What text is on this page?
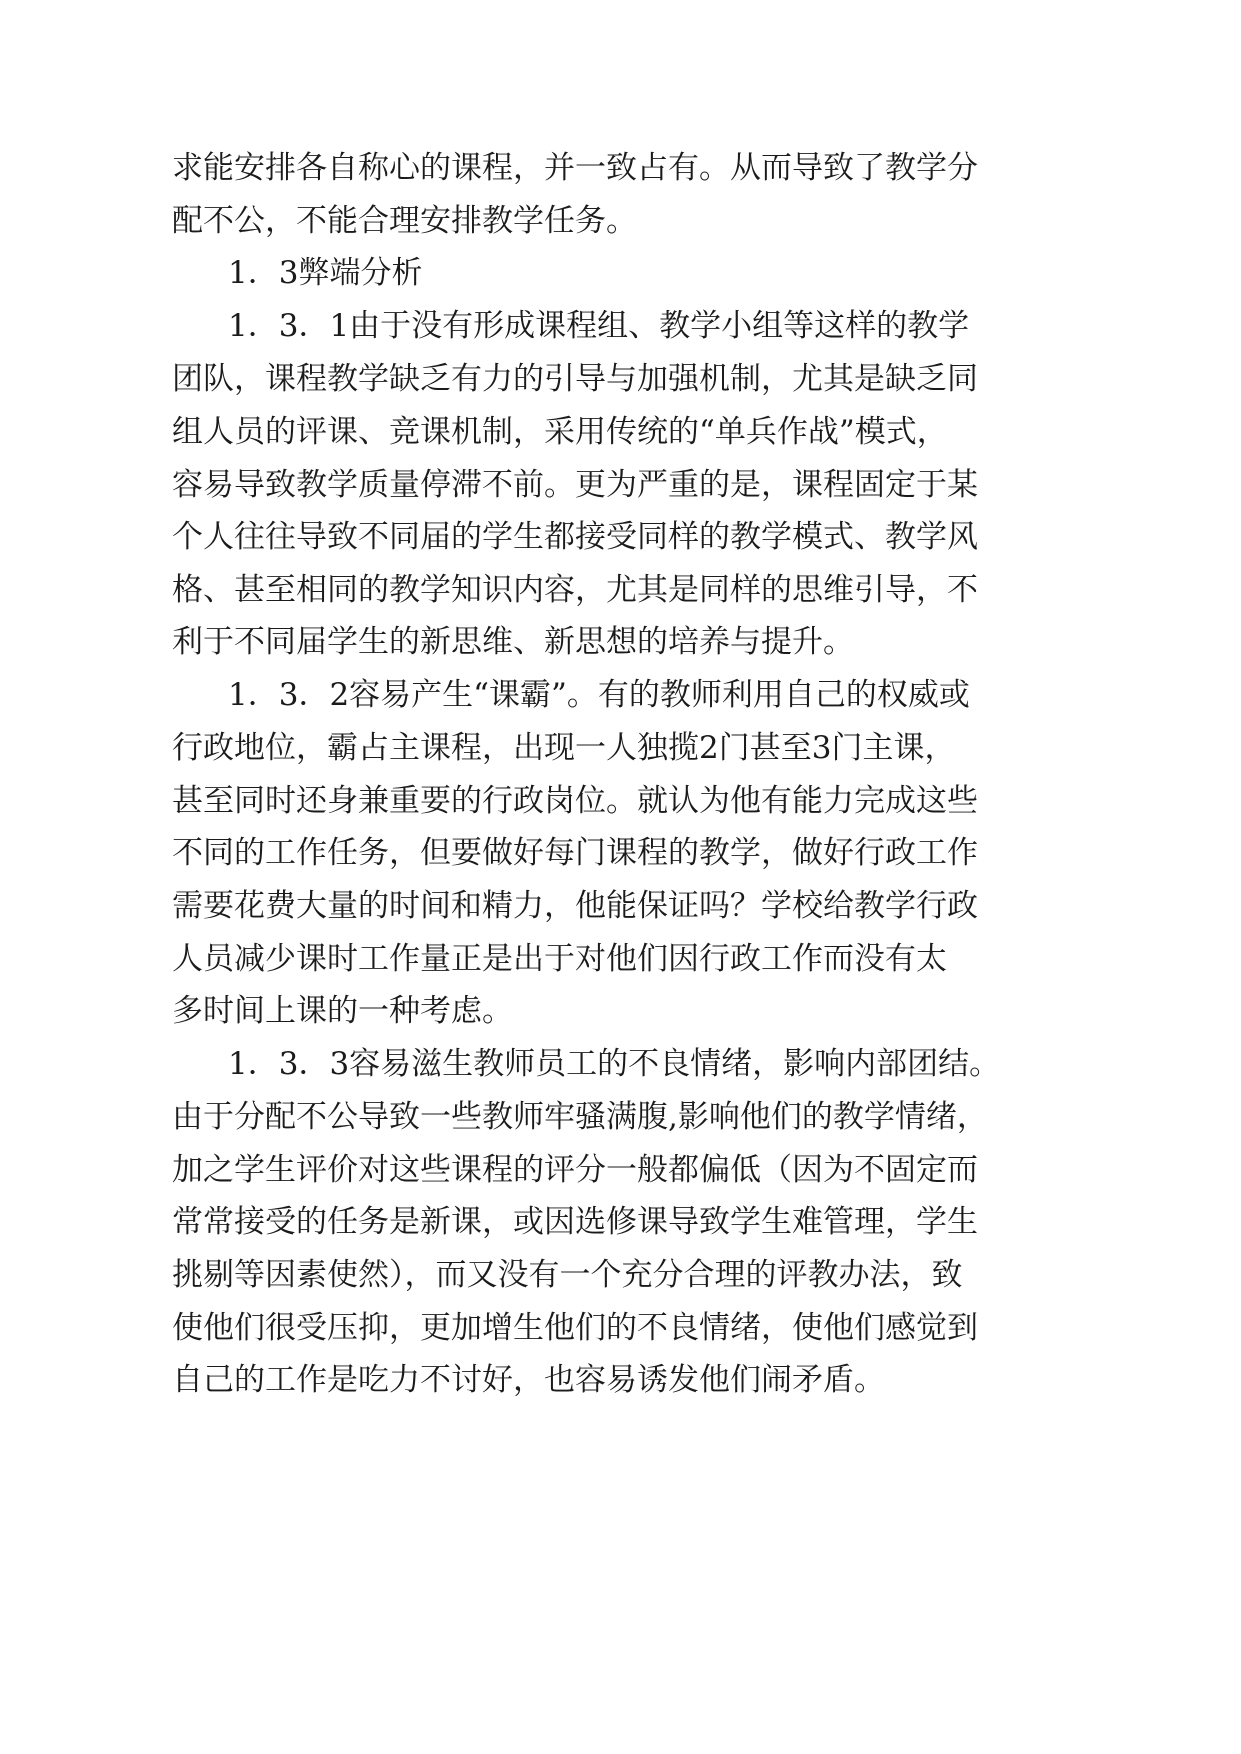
求能安排各自称心的课程，并一致占有。从而导致了教学分
配不公，不能合理安排教学任务。
1．3弊端分析
1．3．1由于没有形成课程组、教学小组等这样的教学
团队，课程教学缺乏有力的引导与加强机制，尤其是缺乏同
组人员的评课、竞课机制，采用传统的“单兵作战”模式，
容易导致教学质量停滞不前。更为严重的是，课程固定于某
个人往往导致不同届的学生都接受同样的教学模式、教学风
格、甚至相同的教学知识内容，尤其是同样的思维引导，不
利于不同届学生的新思维、新思想的培养与提升。
1．3．2容易产生“课霸”。有的教师利用自己的权威或
行政地位，霸占主课程，出现一人独揽2门甚至3门主课，
甚至同时还身兼重要的行政岗位。就认为他有能力完成这些
不同的工作任务，但要做好每门课程的教学，做好行政工作
需要花费大量的时间和精力，他能保证吗？学校给教学行政
人员减少课时工作量正是出于对他们因行政工作而没有太
多时间上课的一种考虑。
1．3．3容易滋生教师员工的不良情绪，影响内部团结。
由于分配不公导致一些教师牢骚满腹,影响他们的教学情绪，
加之学生评价对这些课程的评分一般都偏低（因为不固定而
常常接受的任务是新课，或因选修课导致学生难管理，学生
挑剔等因素使然），而又没有一个充分合理的评教办法，致
使他们很受压抑，更加增生他们的不良情绪，使他们感觉到
自己的工作是吃力不讨好，也容易诱发他们闹矛盾。
